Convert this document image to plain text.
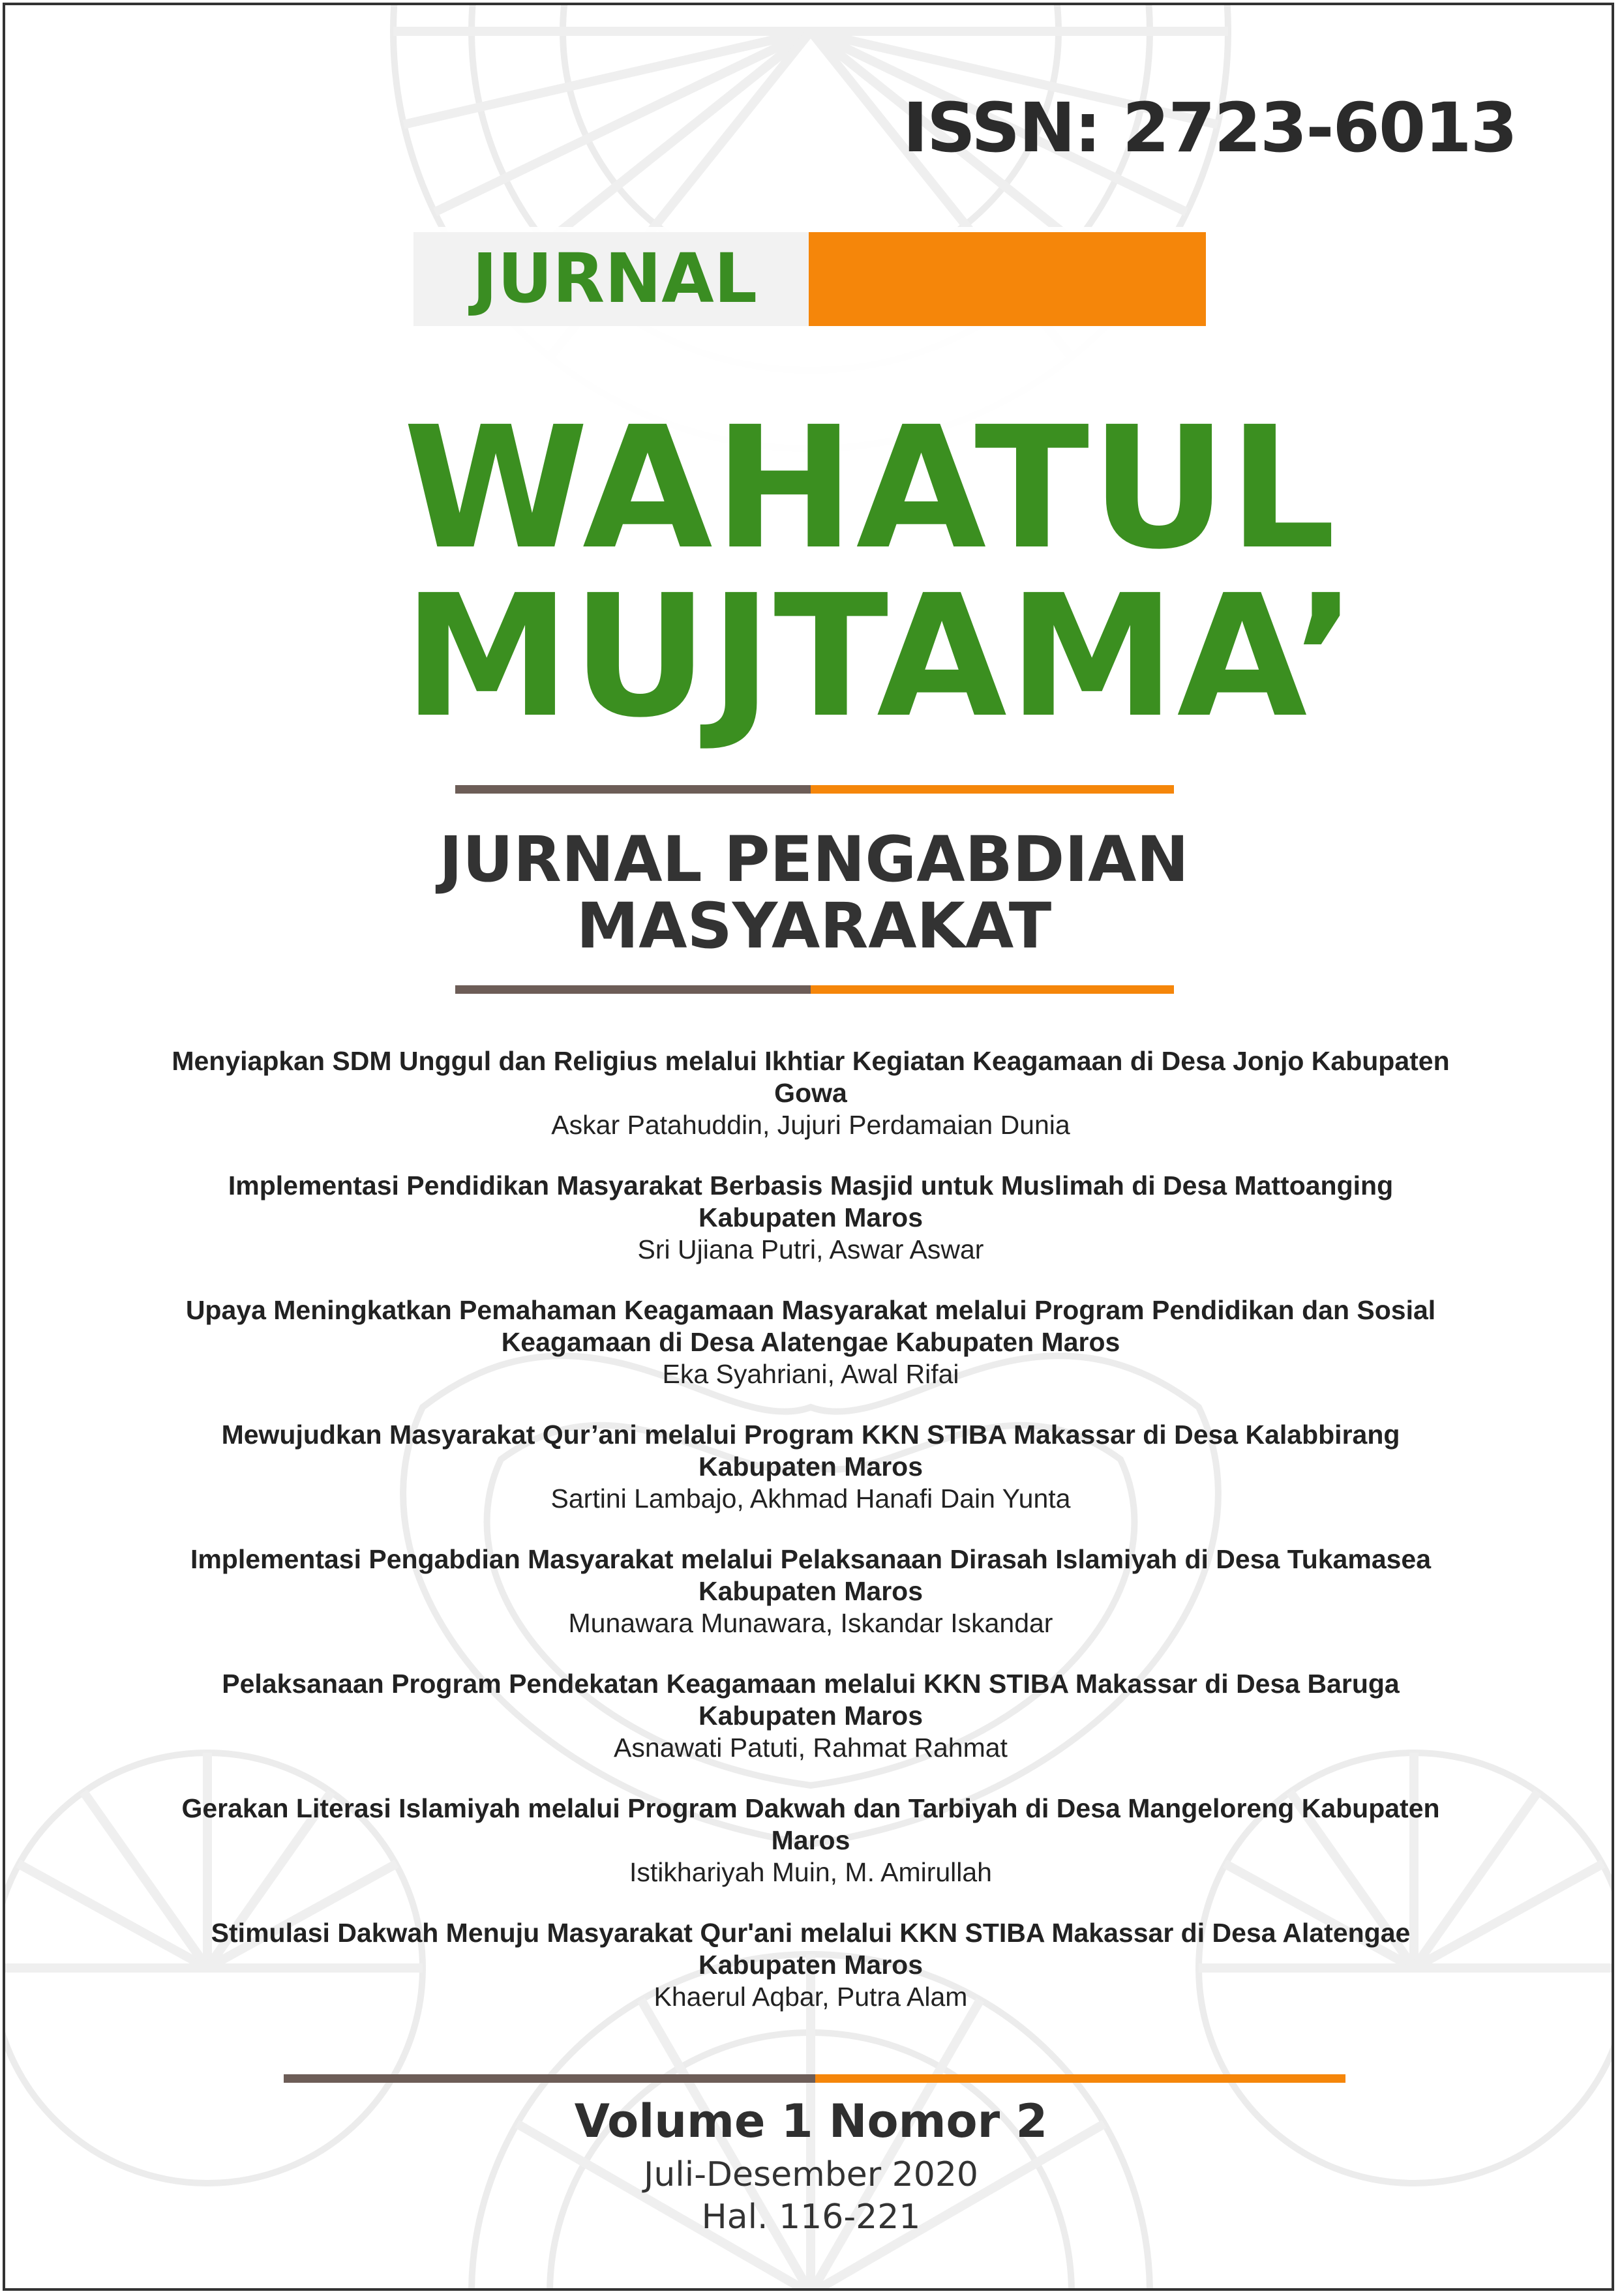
ISSN: 2723-6013
JURNAL
WAHATUL
MUJTAMA’
JURNAL PENGABDIAN
MASYARAKAT
Menyiapkan SDM Unggul dan Religius melalui Ikhtiar Kegiatan Keagamaan di Desa Jonjo Kabupaten
Gowa
Askar Patahuddin, Jujuri Perdamaian Dunia
Implementasi Pendidikan Masyarakat Berbasis Masjid untuk Muslimah di Desa Mattoanging
Kabupaten Maros
Sri Ujiana Putri, Aswar Aswar
Upaya Meningkatkan Pemahaman Keagamaan Masyarakat melalui Program Pendidikan dan Sosial
Keagamaan di Desa Alatengae Kabupaten Maros
Eka Syahriani, Awal Rifai
Mewujudkan Masyarakat Qur’ani melalui Program KKN STIBA Makassar di Desa Kalabbirang
Kabupaten Maros
Sartini Lambajo, Akhmad Hanafi Dain Yunta
Implementasi Pengabdian Masyarakat melalui Pelaksanaan Dirasah Islamiyah di Desa Tukamasea
Kabupaten Maros
Munawara Munawara, Iskandar Iskandar
Pelaksanaan Program Pendekatan Keagamaan melalui KKN STIBA Makassar di Desa Baruga
Kabupaten Maros
Asnawati Patuti, Rahmat Rahmat
Gerakan Literasi Islamiyah melalui Program Dakwah dan Tarbiyah di Desa Mangeloreng Kabupaten
Maros
Istikhariyah Muin, M. Amirullah
Stimulasi Dakwah Menuju Masyarakat Qur'ani melalui KKN STIBA Makassar di Desa Alatengae
Kabupaten Maros
Khaerul Aqbar, Putra Alam
Volume 1 Nomor 2
Juli-Desember 2020
Hal. 116-221
